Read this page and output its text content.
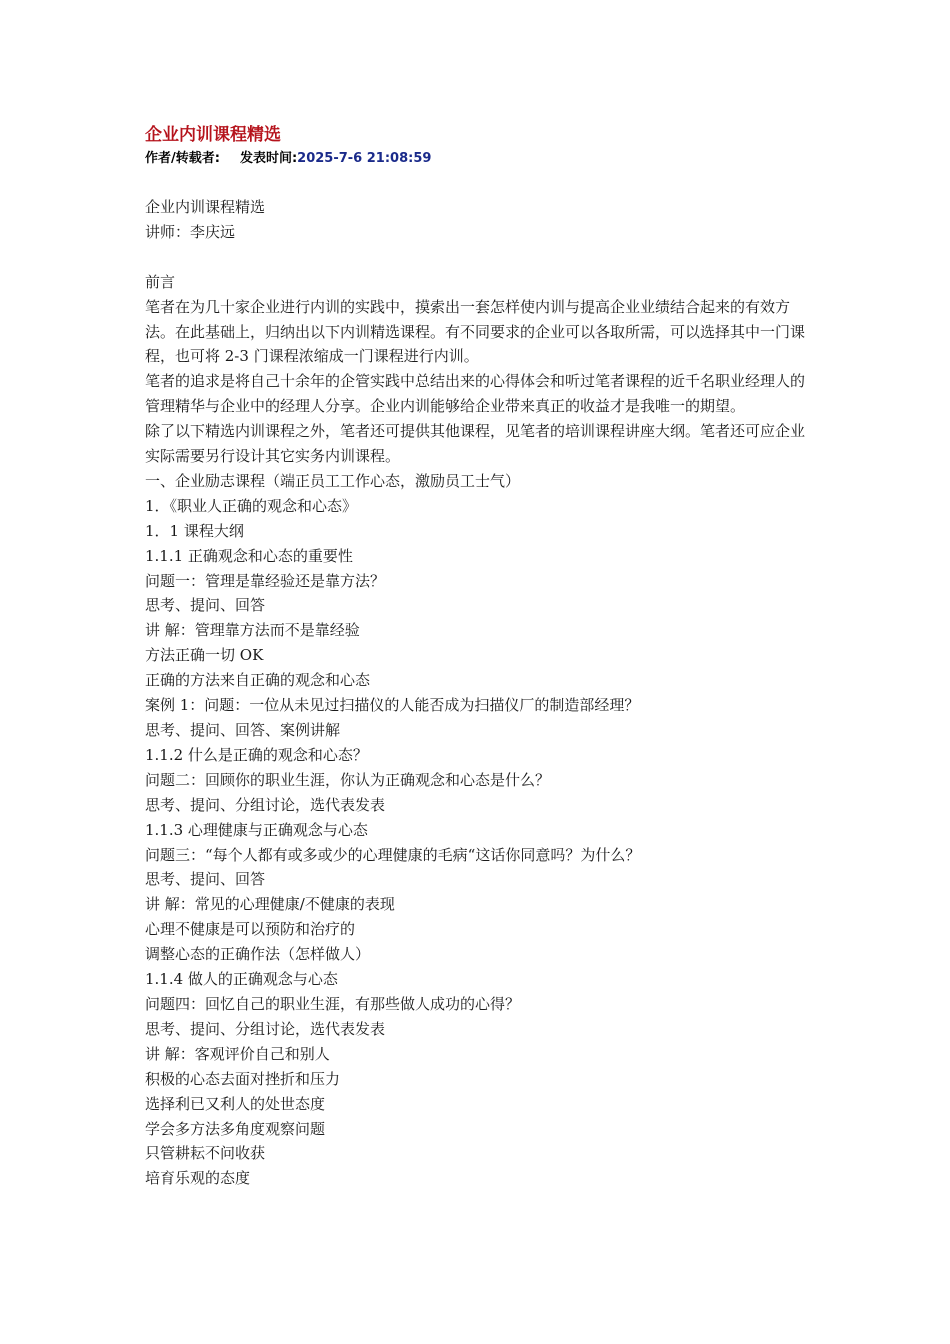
企业内训课程精选
作者/转载者: 发表时间:2025-7-6 21:08:59

企业内训课程精选

讲师：李庆远

前言

笔者在为几十家企业进行内训的实践中，摸索出一套怎样使内训与提高企业业绩结合起来的有效方法。在此基础上，归纳出以下内训精选课程。有不同要求的企业可以各取所需，可以选择其中一门课程，也可将 2-3 门课程浓缩成一门课程进行内训。

笔者的追求是将自己十余年的企管实践中总结出来的心得体会和听过笔者课程的近千名职业经理人的管理精华与企业中的经理人分享。企业内训能够给企业带来真正的收益才是我唯一的期望。

除了以下精选内训课程之外，笔者还可提供其他课程，见笔者的培训课程讲座大纲。笔者还可应企业实际需要另行设计其它实务内训课程。

一、企业励志课程（端正员工工作心态，激励员工士气）

1．《职业人正确的观念和心态》

1．1 课程大纲

1.1.1 正确观念和心态的重要性

问题一：管理是靠经验还是靠方法？

思考、提问、回答

讲 解：管理靠方法而不是靠经验

方法正确一切 OK

正确的方法来自正确的观念和心态

案例 1：问题：一位从未见过扫描仪的人能否成为扫描仪厂的制造部经理？

思考、提问、回答、案例讲解

1.1.2 什么是正确的观念和心态？

问题二：回顾你的职业生涯，你认为正确观念和心态是什么？

思考、提问、分组讨论，选代表发表

1.1.3 心理健康与正确观念与心态

问题三：“每个人都有或多或少的心理健康的毛病“这话你同意吗？为什么？

思考、提问、回答

讲 解：常见的心理健康/不健康的表现

心理不健康是可以预防和治疗的

调整心态的正确作法（怎样做人）

1.1.4 做人的正确观念与心态

问题四：回忆自己的职业生涯，有那些做人成功的心得？

思考、提问、分组讨论，选代表发表

讲 解：客观评价自己和别人

积极的心态去面对挫折和压力

选择利已又利人的处世态度

学会多方法多角度观察问题

只管耕耘不问收获

培育乐观的态度
